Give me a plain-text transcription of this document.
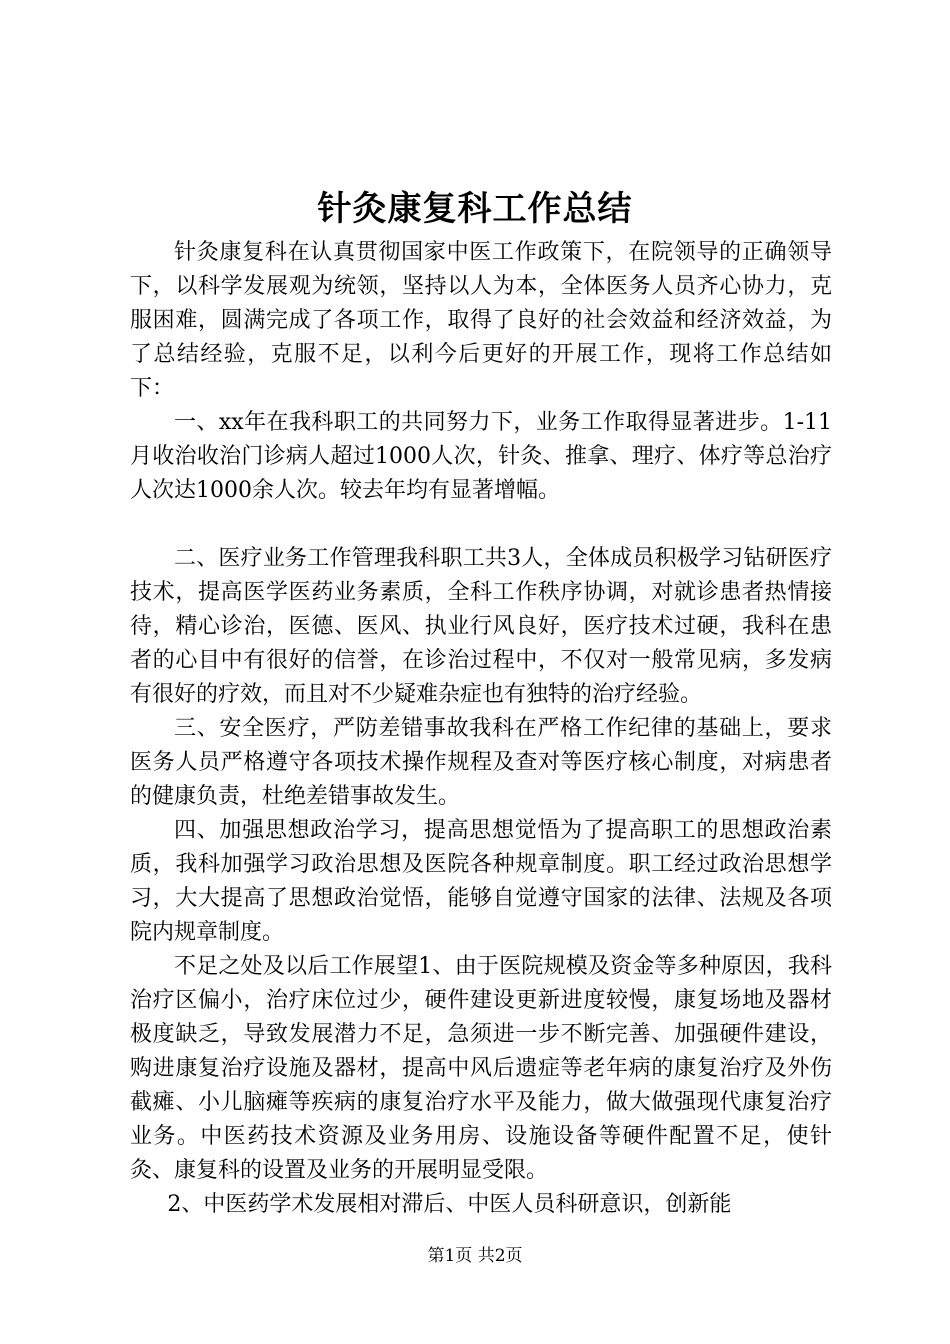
针灸康复科工作总结

针灸康复科在认真贯彻国家中医工作政策下，在院领导的正确领导下，以科学发展观为统领，坚持以人为本，全体医务人员齐心协力，克服困难，圆满完成了各项工作，取得了良好的社会效益和经济效益，为了总结经验，克服不足，以利今后更好的开展工作，现将工作总结如下：

一、xx年在我科职工的共同努力下，业务工作取得显著进步。1-11月收治收治门诊病人超过1000人次，针灸、推拿、理疗、体疗等总治疗人次达1000余人次。较去年均有显著增幅。

二、医疗业务工作管理我科职工共3人，全体成员积极学习钻研医疗技术，提高医学医药业务素质，全科工作秩序协调，对就诊患者热情接待，精心诊治，医德、医风、执业行风良好，医疗技术过硬，我科在患者的心目中有很好的信誉，在诊治过程中，不仅对一般常见病，多发病有很好的疗效，而且对不少疑难杂症也有独特的治疗经验。

三、安全医疗，严防差错事故我科在严格工作纪律的基础上，要求医务人员严格遵守各项技术操作规程及查对等医疗核心制度，对病患者的健康负责，杜绝差错事故发生。

四、加强思想政治学习，提高思想觉悟为了提高职工的思想政治素质，我科加强学习政治思想及医院各种规章制度。职工经过政治思想学习，大大提高了思想政治觉悟，能够自觉遵守国家的法律、法规及各项院内规章制度。

不足之处及以后工作展望1、由于医院规模及资金等多种原因，我科治疗区偏小，治疗床位过少，硬件建设更新进度较慢，康复场地及器材极度缺乏，导致发展潜力不足，急须进一步不断完善、加强硬件建设，购进康复治疗设施及器材，提高中风后遗症等老年病的康复治疗及外伤截瘫、小儿脑瘫等疾病的康复治疗水平及能力，做大做强现代康复治疗业务。中医药技术资源及业务用房、设施设备等硬件配置不足，使针灸、康复科的设置及业务的开展明显受限。

2、中医药学术发展相对滞后、中医人员科研意识，创新能

第1页 共2页
